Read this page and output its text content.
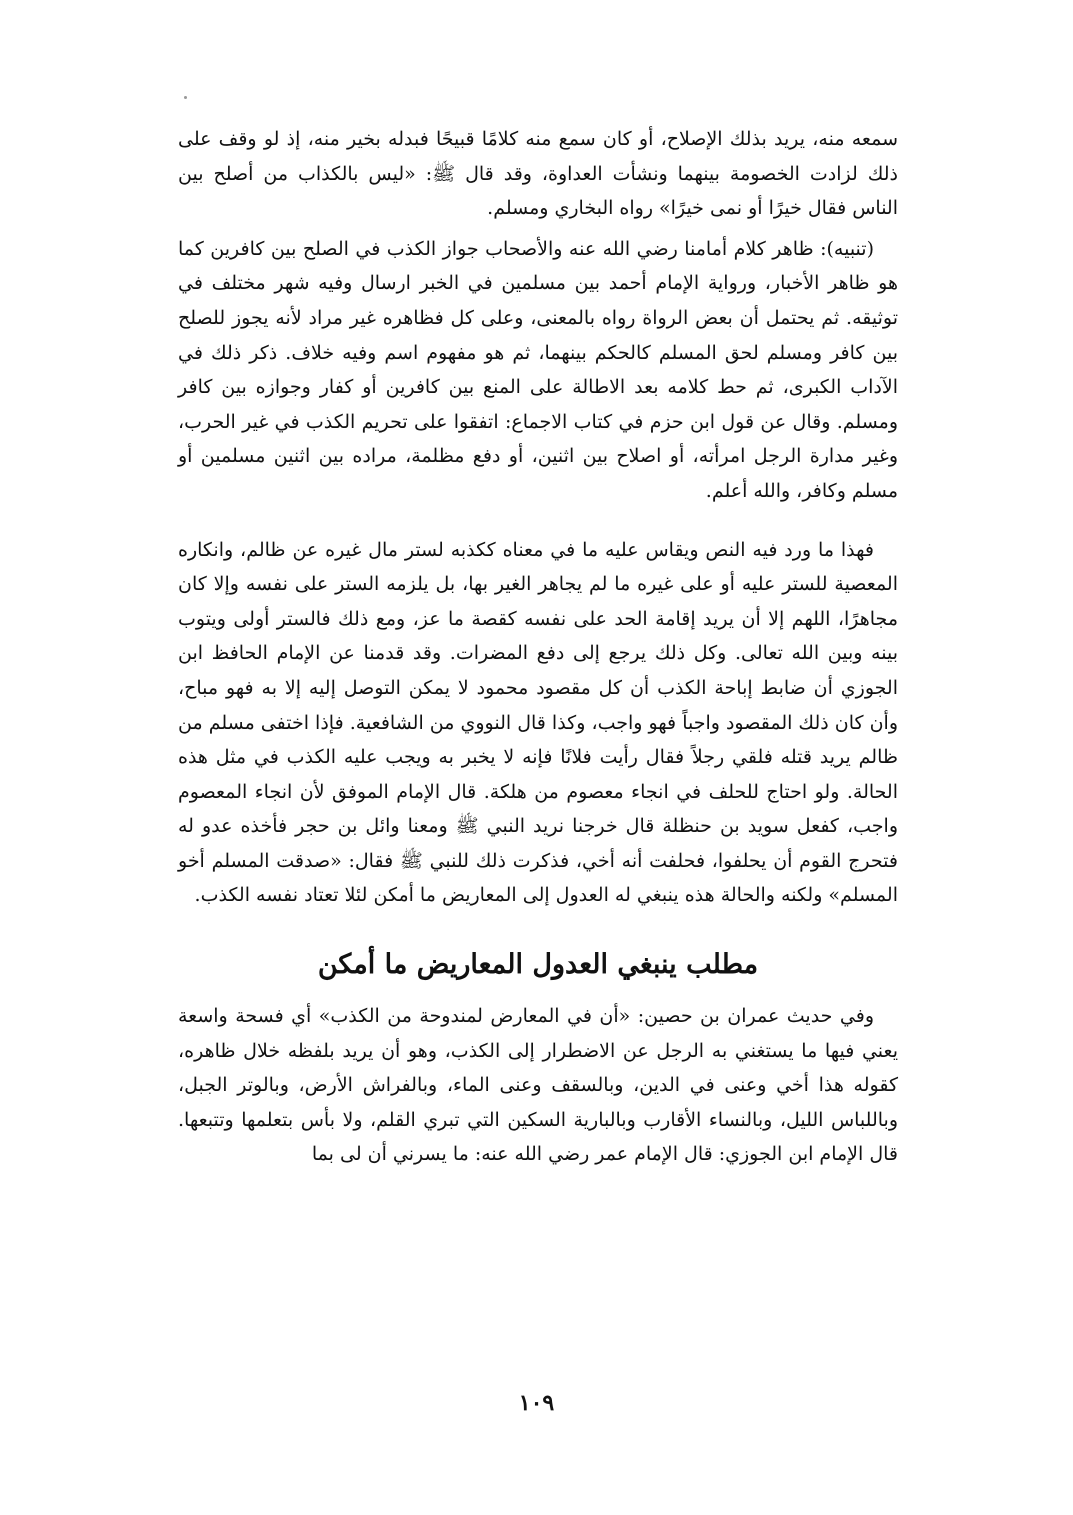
سمعه منه، يريد بذلك الإصلاح، أو كان سمع منه كلامًا قبيحًا فبدله بخير منه، إذ لو وقف على ذلك لزادت الخصومة بينهما ونشأت العداوة، وقد قال ﷺ: «ليس بالكذاب من أصلح بين الناس فقال خيرًا أو نمى خيرًا» رواه البخاري ومسلم.

(تنبيه): ظاهر كلام أمامنا رضي الله عنه والأصحاب جواز الكذب في الصلح بين كافرين كما هو ظاهر الأخبار، ورواية الإمام أحمد بين مسلمين في الخبر ارسال وفيه شهر مختلف في توثيقه. ثم يحتمل أن بعض الرواة رواه بالمعنى، وعلى كل فظاهره غير مراد لأنه يجوز للصلح بين كافر ومسلم لحق المسلم كالحكم بينهما، ثم هو مفهوم اسم وفيه خلاف. ذكر ذلك في الآداب الكبرى، ثم حط كلامه بعد الاطالة على المنع بين كافرين أو كفار وجوازه بين كافر ومسلم. وقال عن قول ابن حزم في كتاب الاجماع: اتفقوا على تحريم الكذب في غير الحرب، وغير مدارة الرجل امرأته، أو اصلاح بين اثنين، أو دفع مظلمة، مراده بين اثنين مسلمين أو مسلم وكافر، والله أعلم.

فهذا ما ورد فيه النص ويقاس عليه ما في معناه ككذبه لستر مال غيره عن ظالم، وانكاره المعصية للستر عليه أو على غيره ما لم يجاهر الغير بها، بل يلزمه الستر على نفسه وإلا كان مجاهرًا، اللهم إلا أن يريد إقامة الحد على نفسه كقصة ما عز، ومع ذلك فالستر أولى ويتوب بينه وبين الله تعالى. وكل ذلك يرجع إلى دفع المضرات. وقد قدمنا عن الإمام الحافظ ابن الجوزي أن ضابط إباحة الكذب أن كل مقصود محمود لا يمكن التوصل إليه إلا به فهو مباح، وأن كان ذلك المقصود واجباً فهو واجب، وكذا قال النووي من الشافعية. فإذا اختفى مسلم من ظالم يريد قتله فلقي رجلاً فقال رأيت فلانًا فإنه لا يخبر به ويجب عليه الكذب في مثل هذه الحالة. ولو احتاج للحلف في انجاء معصوم من هلكة. قال الإمام الموفق لأن انجاء المعصوم واجب، كفعل سويد بن حنظلة قال خرجنا نريد النبي ﷺ ومعنا وائل بن حجر فأخذه عدو له فتحرج القوم أن يحلفوا، فحلفت أنه أخي، فذكرت ذلك للنبي ﷺ فقال: «صدقت المسلم أخو المسلم» ولكنه والحالة هذه ينبغي له العدول إلى المعاريض ما أمكن لئلا تعتاد نفسه الكذب.

مطلب ينبغي العدول المعاريض ما أمكن

وفي حديث عمران بن حصين: «أن في المعارض لمندوحة من الكذب» أي فسحة واسعة يعني فيها ما يستغني به الرجل عن الاضطرار إلى الكذب، وهو أن يريد بلفظه خلال ظاهره، كقوله هذا أخي وعنى في الدين، وبالسقف وعنى الماء، وبالفراش الأرض، وبالوتر الجبل، وباللباس الليل، وبالنساء الأقارب وبالبارية السكين التي تبري القلم، ولا بأس بتعلمها وتتبعها. قال الإمام ابن الجوزي: قال الإمام عمر رضي الله عنه: ما يسرني أن لى بما

١٠٩
